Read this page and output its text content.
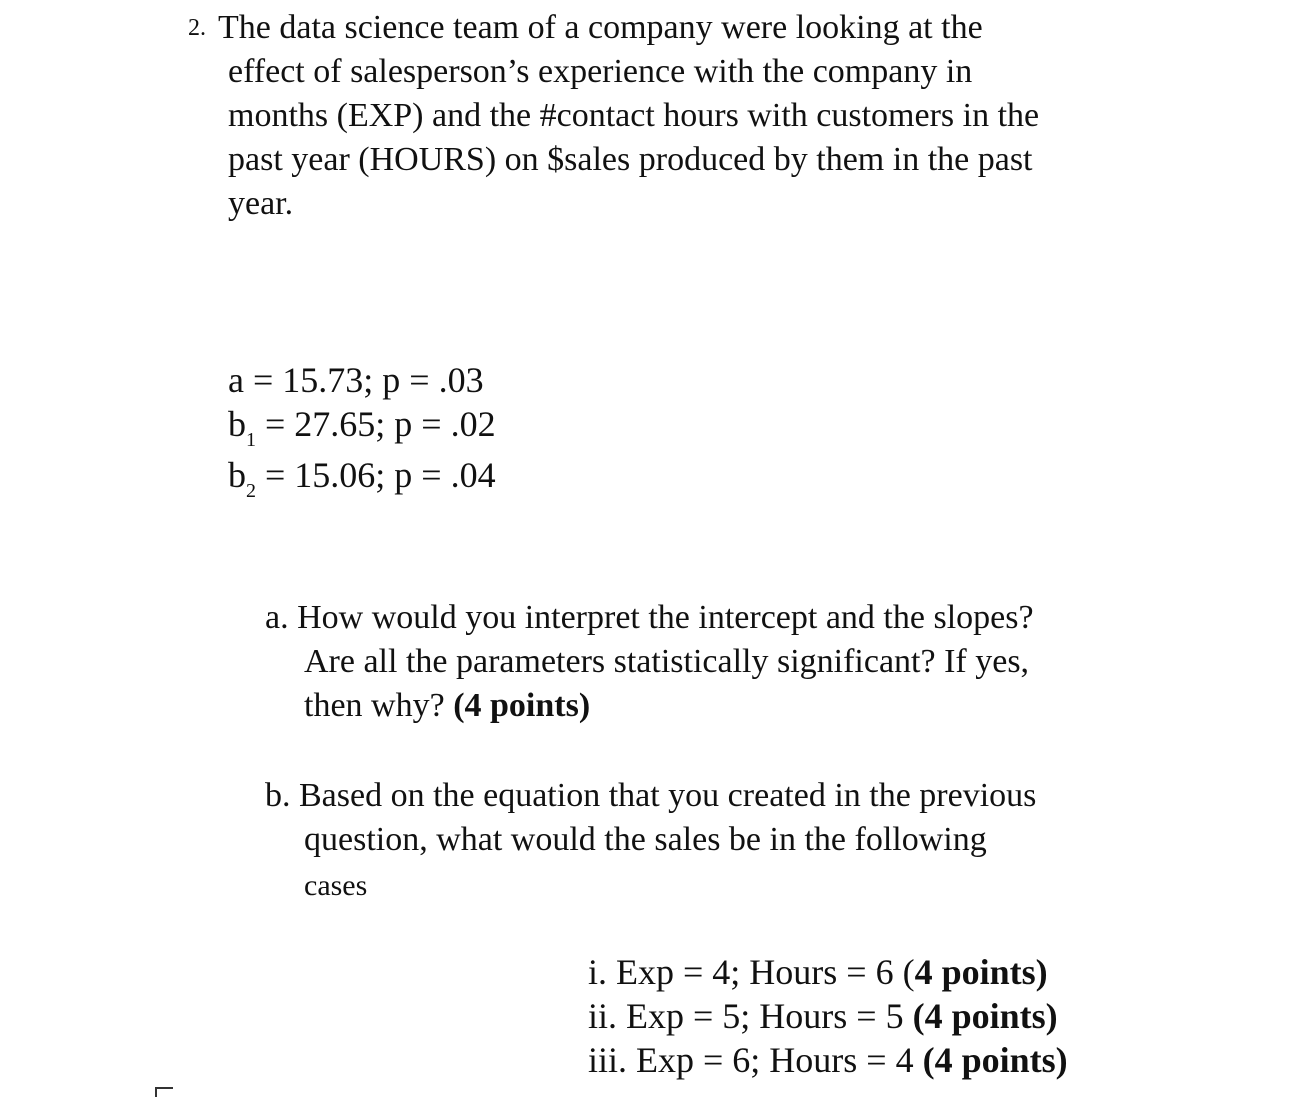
2. The data science team of a company were looking at the
effect of salesperson’s experience with the company in
months (EXP) and the #contact hours with customers in the
past year (HOURS) on $sales produced by them in the past
year.
a = 15.73; p = .03
$b_1 = 27.65$; p = .02
$b_2 = 15.06$; p = .04
a. How would you interpret the intercept and the slopes?
Are all the parameters statistically significant? If yes,
then why? (4 points)
b. Based on the equation that you created in the previous
question, what would the sales be in the following
cases
i. Exp = 4; Hours = 6 (4 points)
ii. Exp = 5; Hours = 5 (4 points)
iii. Exp = 6; Hours = 4 (4 points)
